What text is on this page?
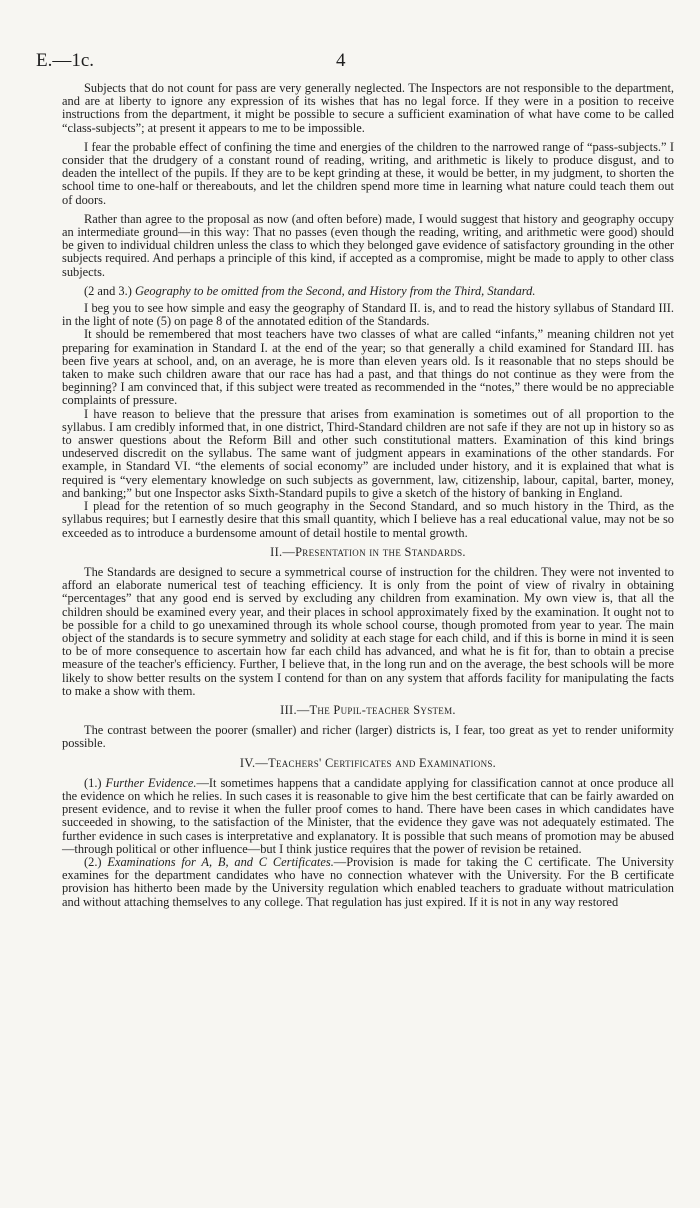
E.—1c.	4

Subjects that do not count for pass are very generally neglected. The Inspectors are not responsible to the department, and are at liberty to ignore any expression of its wishes that has no legal force. If they were in a position to receive instructions from the department, it might be possible to secure a sufficient examination of what have come to be called “class-subjects”; at present it appears to me to be impossible.

I fear the probable effect of confining the time and energies of the children to the narrowed range of “pass-subjects.” I consider that the drudgery of a constant round of reading, writing, and arithmetic is likely to produce disgust, and to deaden the intellect of the pupils. If they are to be kept grinding at these, it would be better, in my judgment, to shorten the school time to one-half or thereabouts, and let the children spend more time in learning what nature could teach them out of doors.

Rather than agree to the proposal as now (and often before) made, I would suggest that history and geography occupy an intermediate ground—in this way: That no passes (even though the reading, writing, and arithmetic were good) should be given to individual children unless the class to which they belonged gave evidence of satisfactory grounding in the other subjects required. And perhaps a principle of this kind, if accepted as a compromise, might be made to apply to other class subjects.

(2 and 3.) Geography to be omitted from the Second, and History from the Third, Standard.

I beg you to see how simple and easy the geography of Standard II. is, and to read the history syllabus of Standard III. in the light of note (5) on page 8 of the annotated edition of the Standards.

It should be remembered that most teachers have two classes of what are called “infants,” meaning children not yet preparing for examination in Standard I. at the end of the year; so that generally a child examined for Standard III. has been five years at school, and, on an average, he is more than eleven years old. Is it reasonable that no steps should be taken to make such children aware that our race has had a past, and that things do not continue as they were from the beginning? I am convinced that, if this subject were treated as recommended in the “notes,” there would be no appreciable complaints of pressure.

I have reason to believe that the pressure that arises from examination is sometimes out of all proportion to the syllabus. I am credibly informed that, in one district, Third-Standard children are not safe if they are not up in history so as to answer questions about the Reform Bill and other such constitutional matters. Examination of this kind brings undeserved discredit on the syllabus. The same want of judgment appears in examinations of the other standards. For example, in Standard VI. “the elements of social economy” are included under history, and it is explained that what is required is “very elementary knowledge on such subjects as government, law, citizenship, labour, capital, barter, money, and banking;” but one Inspector asks Sixth-Standard pupils to give a sketch of the history of banking in England.

I plead for the retention of so much geography in the Second Standard, and so much history in the Third, as the syllabus requires; but I earnestly desire that this small quantity, which I believe has a real educational value, may not be so exceeded as to introduce a burdensome amount of detail hostile to mental growth.

II.—Presentation in the Standards.

The Standards are designed to secure a symmetrical course of instruction for the children. They were not invented to afford an elaborate numerical test of teaching efficiency. It is only from the point of view of rivalry in obtaining “percentages” that any good end is served by excluding any children from examination. My own view is, that all the children should be examined every year, and their places in school approximately fixed by the examination. It ought not to be possible for a child to go unexamined through its whole school course, though promoted from year to year. The main object of the standards is to secure symmetry and solidity at each stage for each child, and if this is borne in mind it is seen to be of more consequence to ascertain how far each child has advanced, and what he is fit for, than to obtain a precise measure of the teacher's efficiency. Further, I believe that, in the long run and on the average, the best schools will be more likely to show better results on the system I contend for than on any system that affords facility for manipulating the facts to make a show with them.

III.—The Pupil-teacher System.

The contrast between the poorer (smaller) and richer (larger) districts is, I fear, too great as yet to render uniformity possible.

IV.—Teachers' Certificates and Examinations.

(1.) Further Evidence.—It sometimes happens that a candidate applying for classification cannot at once produce all the evidence on which he relies. In such cases it is reasonable to give him the best certificate that can be fairly awarded on present evidence, and to revise it when the fuller proof comes to hand. There have been cases in which candidates have succeeded in showing, to the satisfaction of the Minister, that the evidence they gave was not adequately estimated. The further evidence in such cases is interpretative and explanatory. It is possible that such means of promotion may be abused—through political or other influence—but I think justice requires that the power of revision be retained.

(2.) Examinations for A, B, and C Certificates.—Provision is made for taking the C certificate. The University examines for the department candidates who have no connection whatever with the University. For the B certificate provision has hitherto been made by the University regulation which enabled teachers to graduate without matriculation and without attaching themselves to any college. That regulation has just expired. If it is not in any way restored
